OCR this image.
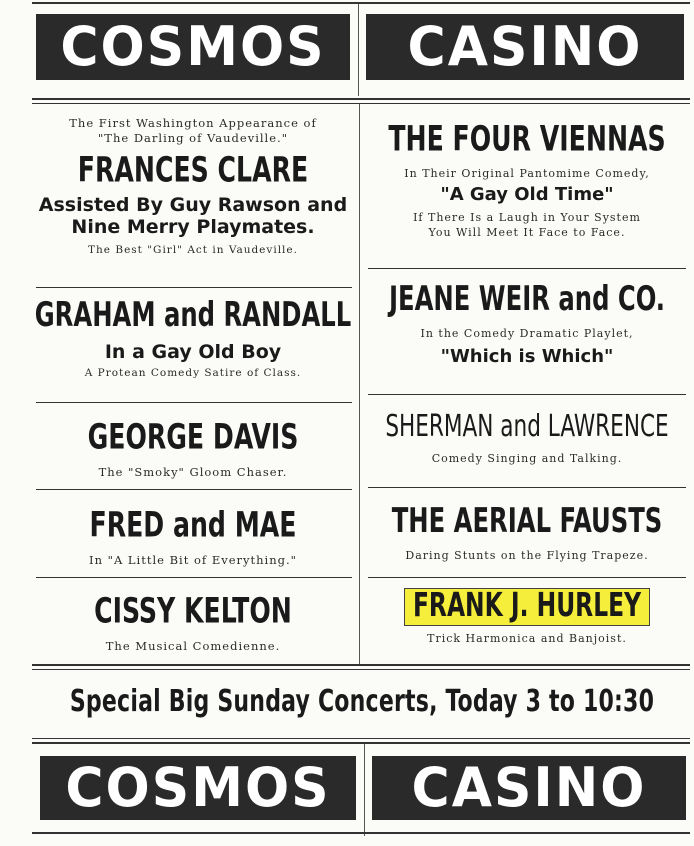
COSMOS CASINO
The First Washington Appearance of
"The Darling of Vaudeville."
FRANCES CLARE
Assisted By Guy Rawson and
Nine Merry Playmates.
The Best "Girl" Act in Vaudeville.
GRAHAM and RANDALL
In a Gay Old Boy
A Protean Comedy Satire of Class.
GEORGE DAVIS
The "Smoky" Gloom Chaser.
FRED and MAE
In "A Little Bit of Everything."
CISSY KELTON
The Musical Comedienne.
THE FOUR VIENNAS
In Their Original Pantomime Comedy,
"A Gay Old Time"
If There Is a Laugh in Your System
You Will Meet It Face to Face.
JEANE WEIR and CO.
In the Comedy Dramatic Playlet,
"Which is Which"
SHERMAN and LAWRENCE
Comedy Singing and Talking.
THE AERIAL FAUSTS
Daring Stunts on the Flying Trapeze.
FRANK J. HURLEY
Trick Harmonica and Banjoist.
Special Big Sunday Concerts, Today 3 to 10:30
COSMOS CASINO
